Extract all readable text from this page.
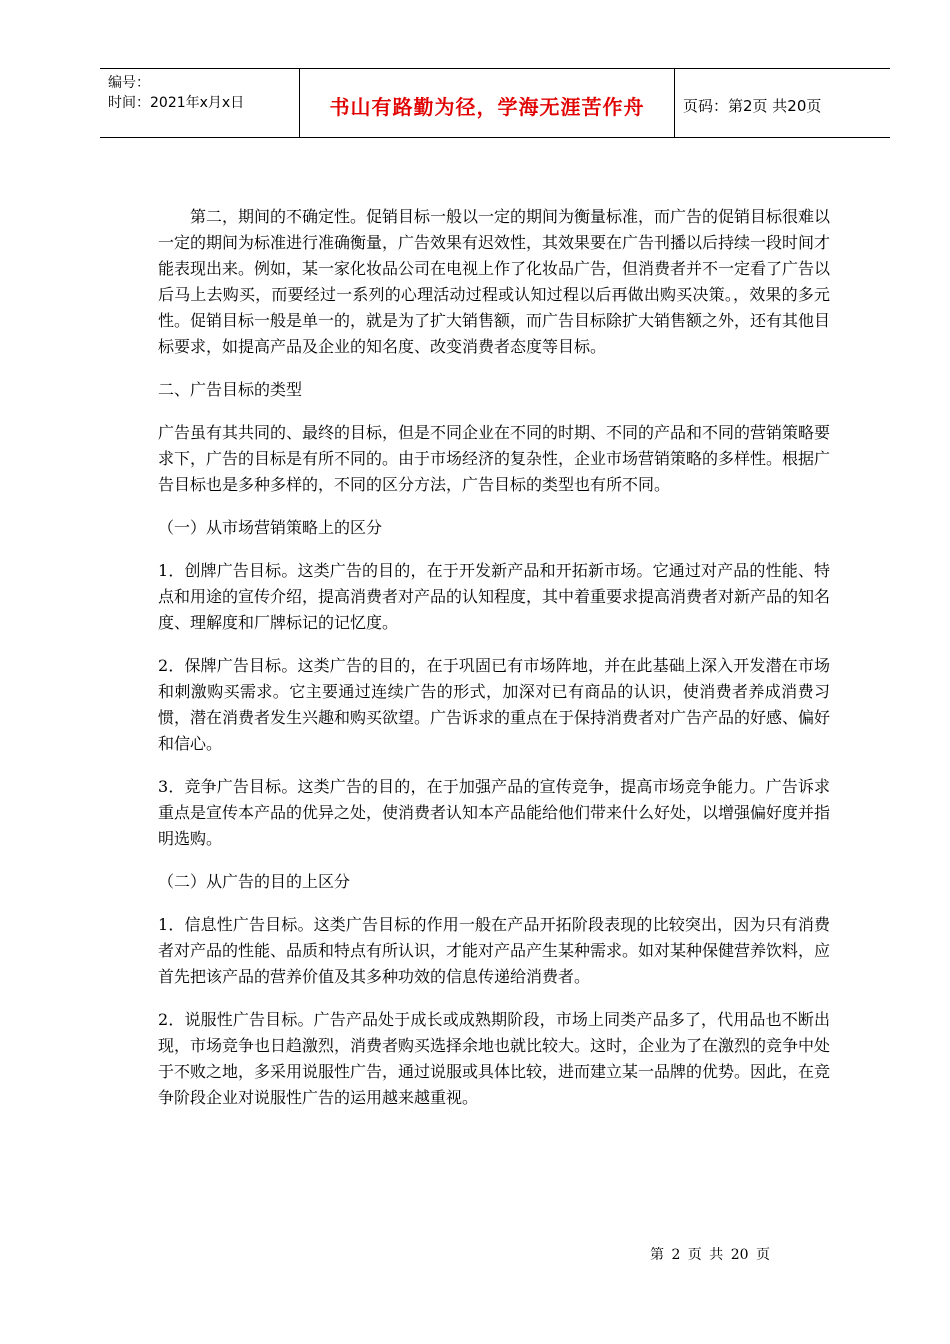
编号：
时间：2021年x月x日	书山有路勤为径，学海无涯苦作舟	页码：第2页 共20页

第二，期间的不确定性。促销目标一般以一定的期间为衡量标准，而广告的促销目标很难以一定的期间为标准进行准确衡量，广告效果有迟效性，其效果要在广告刊播以后持续一段时间才能表现出来。例如，某一家化妆品公司在电视上作了化妆品广告，但消费者并不一定看了广告以后马上去购买，而要经过一系列的心理活动过程或认知过程以后再做出购买决策。，效果的多元性。促销目标一般是单一的，就是为了扩大销售额，而广告目标除扩大销售额之外，还有其他目标要求，如提高产品及企业的知名度、改变消费者态度等目标。

二、广告目标的类型

广告虽有其共同的、最终的目标，但是不同企业在不同的时期、不同的产品和不同的营销策略要求下，广告的目标是有所不同的。由于市场经济的复杂性，企业市场营销策略的多样性。根据广告目标也是多种多样的，不同的区分方法，广告目标的类型也有所不同。

（一）从市场营销策略上的区分

1．创牌广告目标。这类广告的目的，在于开发新产品和开拓新市场。它通过对产品的性能、特点和用途的宣传介绍，提高消费者对产品的认知程度，其中着重要求提高消费者对新产品的知名度、理解度和厂牌标记的记忆度。

2．保牌广告目标。这类广告的目的，在于巩固已有市场阵地，并在此基础上深入开发潜在市场和刺激购买需求。它主要通过连续广告的形式，加深对已有商品的认识，使消费者养成消费习惯，潜在消费者发生兴趣和购买欲望。广告诉求的重点在于保持消费者对广告产品的好感、偏好和信心。

3．竞争广告目标。这类广告的目的，在于加强产品的宣传竞争，提高市场竞争能力。广告诉求重点是宣传本产品的优异之处，使消费者认知本产品能给他们带来什么好处，以增强偏好度并指明选购。

（二）从广告的目的上区分

1．信息性广告目标。这类广告目标的作用一般在产品开拓阶段表现的比较突出，因为只有消费者对产品的性能、品质和特点有所认识，才能对产品产生某种需求。如对某种保健营养饮料，应首先把该产品的营养价值及其多种功效的信息传递给消费者。

2．说服性广告目标。广告产品处于成长或成熟期阶段，市场上同类产品多了，代用品也不断出现，市场竞争也日趋激烈，消费者购买选择余地也就比较大。这时，企业为了在激烈的竞争中处于不败之地，多采用说服性广告，通过说服或具体比较，进而建立某一品牌的优势。因此，在竞争阶段企业对说服性广告的运用越来越重视。

第 2 页 共 20 页
